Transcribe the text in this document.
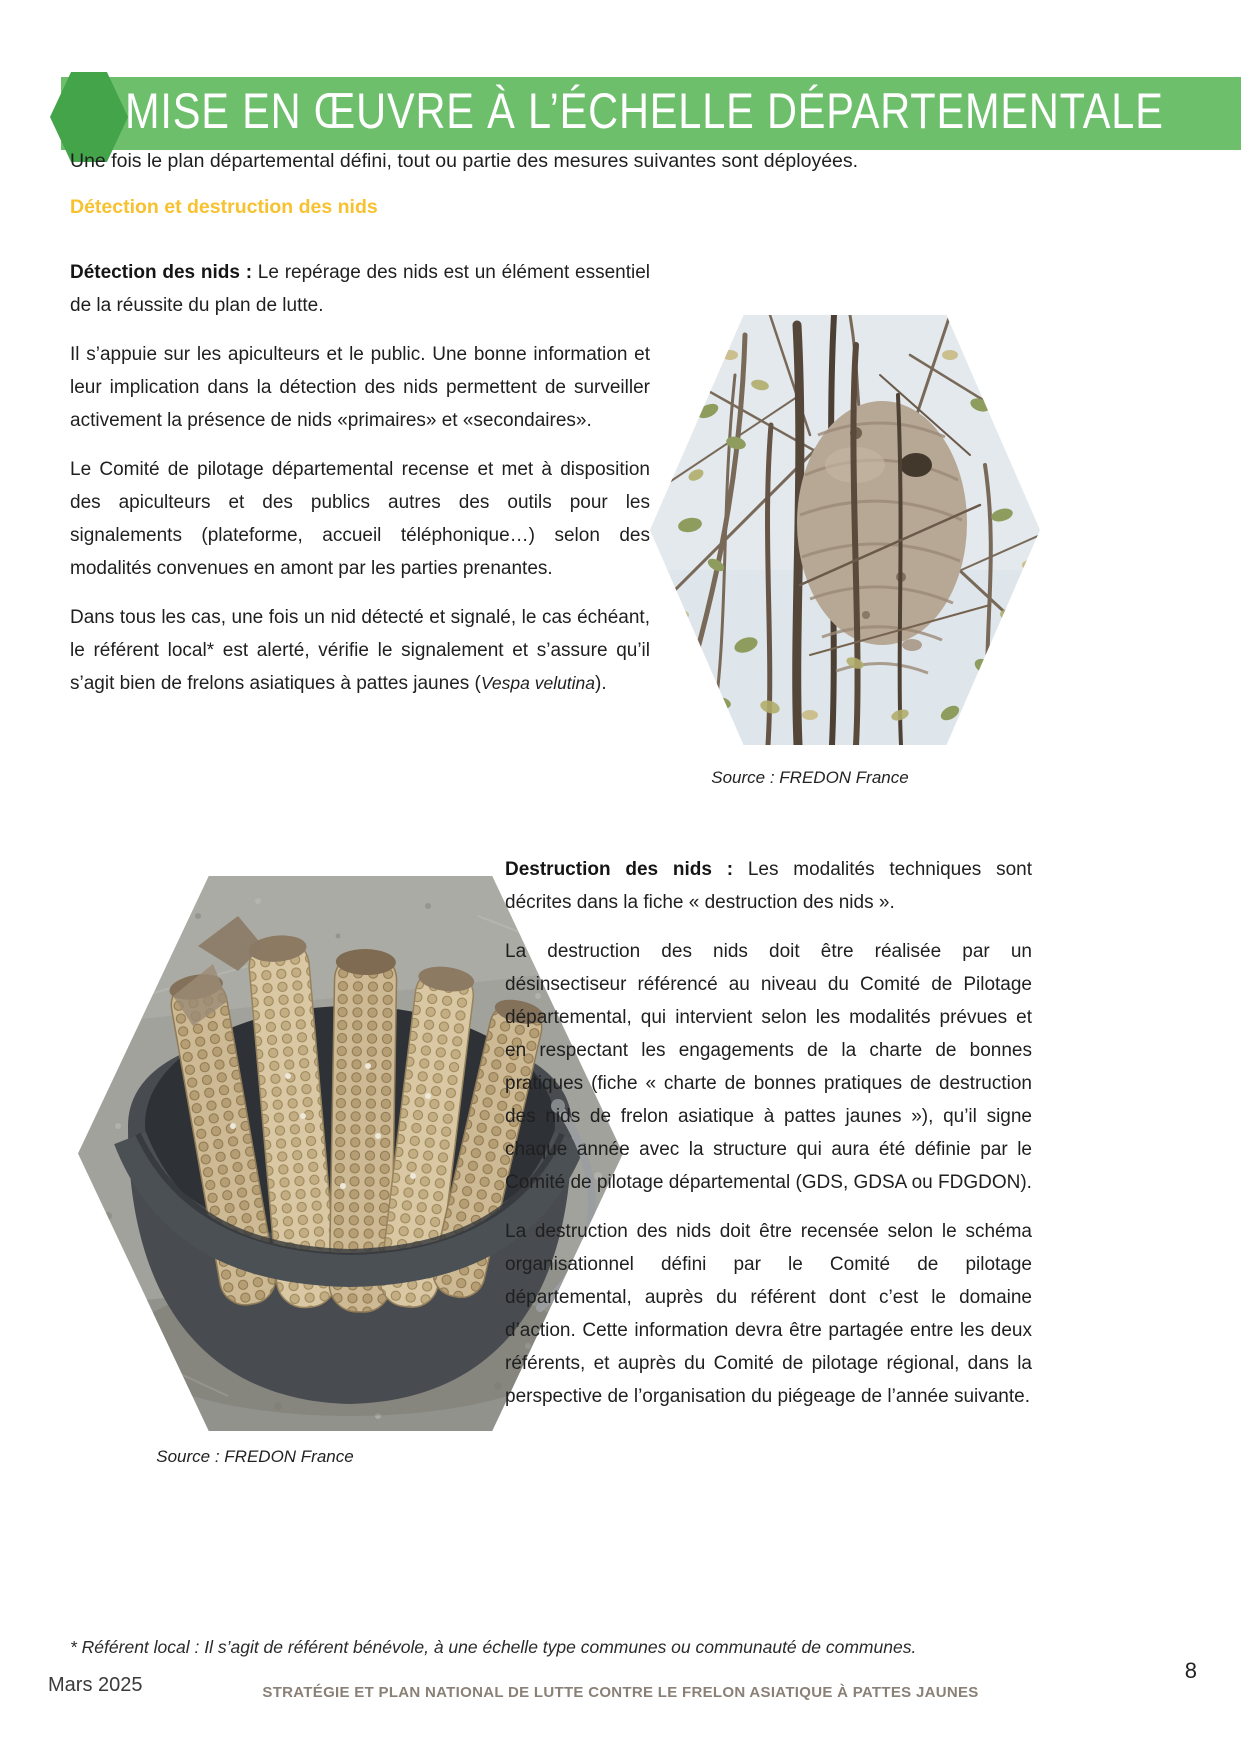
MISE EN ŒUVRE À L’ÉCHELLE DÉPARTEMENTALE
Une fois le plan départemental défini, tout ou partie des mesures suivantes sont déployées.
Détection et destruction des nids

Détection des nids : Le repérage des nids est un élément essentiel de la réussite du plan de lutte.

Il s’appuie sur les apiculteurs et le public. Une bonne information et leur implication dans la détection des nids permettent de surveiller activement la présence de nids «primaires» et «secondaires».

Le Comité de pilotage départemental recense et met à disposition des apiculteurs et des publics autres des outils pour les signalements (plateforme, accueil téléphonique…) selon des modalités convenues en amont par les parties prenantes.

Dans tous les cas, une fois un nid détecté et signalé, le cas échéant, le référent local* est alerté, vérifie le signalement et s’assure qu’il s’agit bien de frelons asiatiques à pattes jaunes (Vespa velutina).

Source : FREDON France
Source : FREDON France

Destruction des nids : Les modalités techniques sont décrites dans la fiche « destruction des nids ».

La destruction des nids doit être réalisée par un désinsectiseur référencé au niveau du Comité de Pilotage départemental, qui intervient selon les modalités prévues et en respectant les engagements de la charte de bonnes pratiques (fiche « charte de bonnes pratiques de destruction des nids de frelon asiatique à pattes jaunes »), qu’il signe chaque année avec la structure qui aura été définie par le Comité de pilotage départemental (GDS, GDSA ou FDGDON).

La destruction des nids doit être recensée selon le schéma organisationnel défini par le Comité de pilotage départemental, auprès du référent dont c’est le domaine d’action. Cette information devra être partagée entre les deux référents, et auprès du Comité de pilotage régional, dans la perspective de l’organisation du piégeage de l’année suivante.

* Référent local : Il s’agit de référent bénévole, à une échelle type communes ou communauté de communes.
Mars 2025	STRATÉGIE ET PLAN NATIONAL DE LUTTE CONTRE LE FRELON ASIATIQUE À PATTES JAUNES
8
